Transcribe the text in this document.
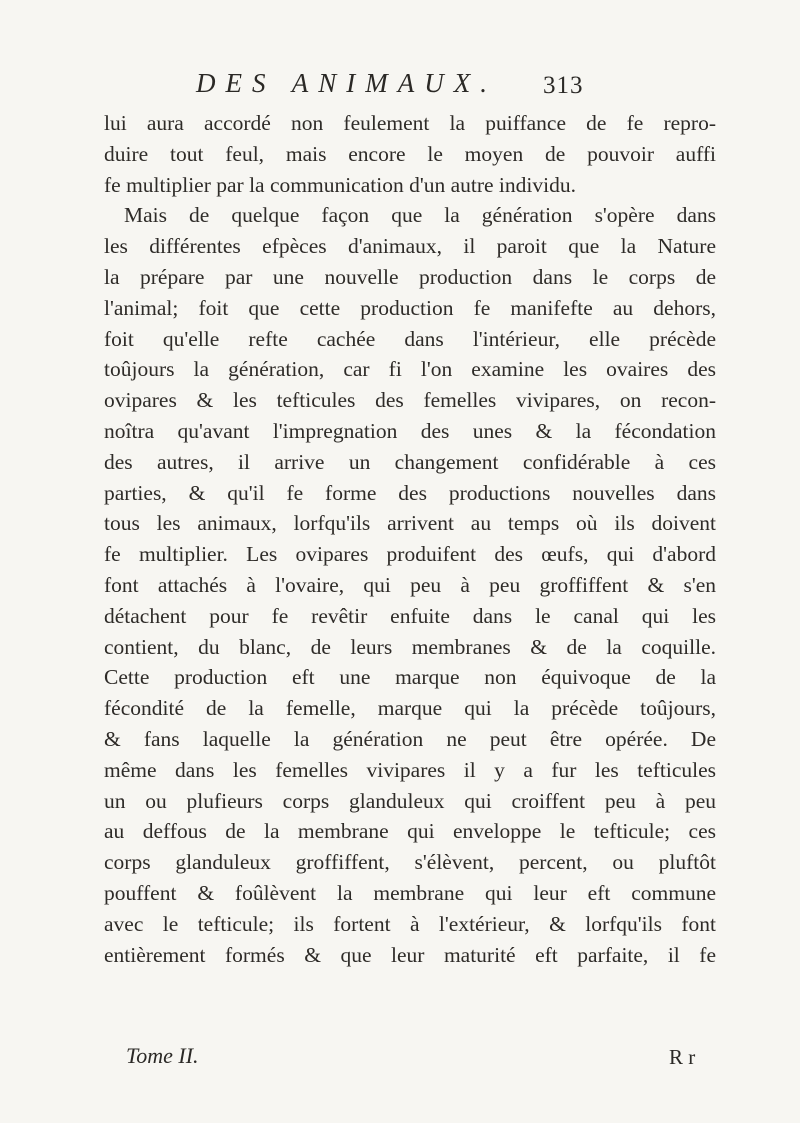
DES ANIMAUX. 313
lui aura accordé non feulement la puiffance de fe repro-
duire tout feul, mais encore le moyen de pouvoir auffi
fe multiplier par la communication d'un autre individu.
Mais de quelque façon que la génération s'opère dans
les différentes efpèces d'animaux, il paroit que la Nature
la prépare par une nouvelle production dans le corps de
l'animal; foit que cette production fe manifefte au dehors,
foit qu'elle refte cachée dans l'intérieur, elle précède
toûjours la génération, car fi l'on examine les ovaires des
ovipares & les tefticules des femelles vivipares, on recon-
noîtra qu'avant l'impregnation des unes & la fécondation
des autres, il arrive un changement confidérable à ces
parties, & qu'il fe forme des productions nouvelles dans
tous les animaux, lorfqu'ils arrivent au temps où ils doivent
fe multiplier. Les ovipares produifent des œufs, qui d'abord
font attachés à l'ovaire, qui peu à peu groffiffent & s'en
détachent pour fe revêtir enfuite dans le canal qui les
contient, du blanc, de leurs membranes & de la coquille.
Cette production eft une marque non équivoque de la
fécondité de la femelle, marque qui la précède toûjours,
& fans laquelle la génération ne peut être opérée. De
même dans les femelles vivipares il y a fur les tefticules
un ou plufieurs corps glanduleux qui croiffent peu à peu
au deffous de la membrane qui enveloppe le tefticule; ces
corps glanduleux groffiffent, s'élèvent, percent, ou pluftôt
pouffent & foûlèvent la membrane qui leur eft commune
avec le tefticule; ils fortent à l'extérieur, & lorfqu'ils font
entièrement formés & que leur maturité eft parfaite, il fe
Tome II.	R r
